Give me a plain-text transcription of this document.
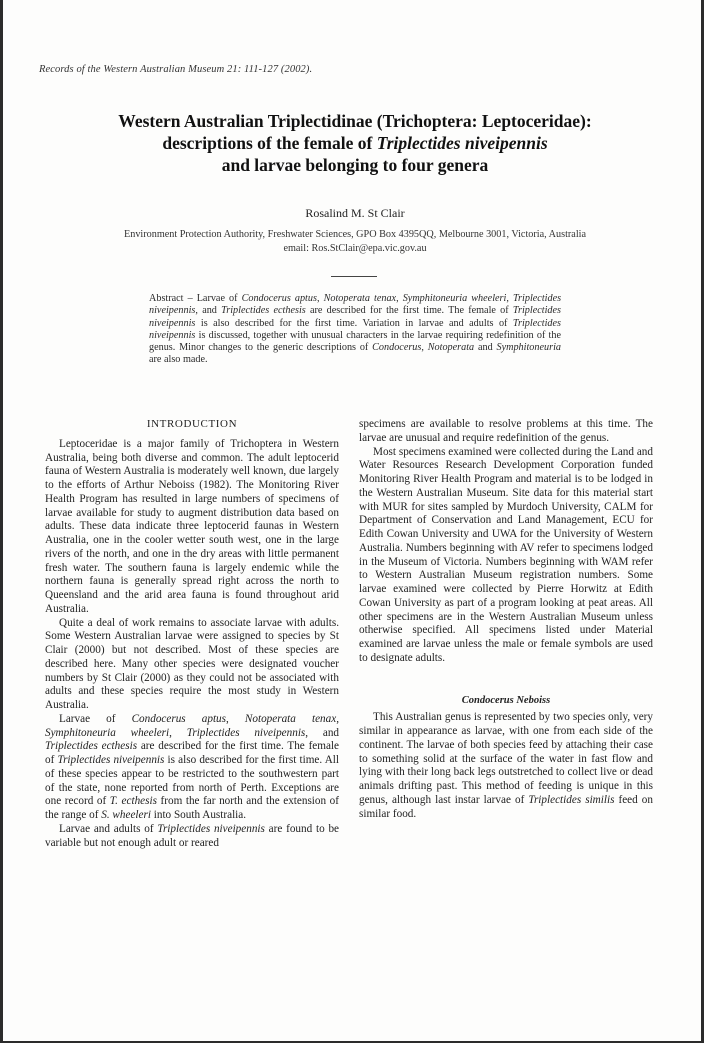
Records of the Western Australian Museum 21: 111-127 (2002).
Western Australian Triplectidinae (Trichoptera: Leptoceridae):
descriptions of the female of Triplectides niveipennis
and larvae belonging to four genera
Rosalind M. St Clair
Environment Protection Authority, Freshwater Sciences, GPO Box 4395QQ, Melbourne 3001, Victoria, Australia
email: Ros.StClair@epa.vic.gov.au
Abstract – Larvae of Condocerus aptus, Notoperata tenax, Symphitoneuria wheeleri, Triplectides niveipennis, and Triplectides ecthesis are described for the first time. The female of Triplectides niveipennis is also described for the first time. Variation in larvae and adults of Triplectides niveipennis is discussed, together with unusual characters in the larvae requiring redefinition of the genus. Minor changes to the generic descriptions of Condocerus, Notoperata and Symphitoneuria are also made.
INTRODUCTION

Leptoceridae is a major family of Trichoptera in Western Australia, being both diverse and common. The adult leptocerid fauna of Western Australia is moderately well known, due largely to the efforts of Arthur Neboiss (1982). The Monitoring River Health Program has resulted in large numbers of specimens of larvae available for study to augment distribution data based on adults. These data indicate three leptocerid faunas in Western Australia, one in the cooler wetter south west, one in the large rivers of the north, and one in the dry areas with little permanent fresh water. The southern fauna is largely endemic while the northern fauna is generally spread right across the north to Queensland and the arid area fauna is found throughout arid Australia.

Quite a deal of work remains to associate larvae with adults. Some Western Australian larvae were assigned to species by St Clair (2000) but not described. Most of these species are described here. Many other species were designated voucher numbers by St Clair (2000) as they could not be associated with adults and these species require the most study in Western Australia.

Larvae of Condocerus aptus, Notoperata tenax, Symphitoneuria wheeleri, Triplectides niveipennis, and Triplectides ecthesis are described for the first time. The female of Triplectides niveipennis is also described for the first time. All of these species appear to be restricted to the southwestern part of the state, none reported from north of Perth. Exceptions are one record of T. ecthesis from the far north and the extension of the range of S. wheeleri into South Australia.

Larvae and adults of Triplectides niveipennis are found to be variable but not enough adult or reared

specimens are available to resolve problems at this time. The larvae are unusual and require redefinition of the genus.

Most specimens examined were collected during the Land and Water Resources Research Development Corporation funded Monitoring River Health Program and material is to be lodged in the Western Australian Museum. Site data for this material start with MUR for sites sampled by Murdoch University, CALM for Department of Conservation and Land Management, ECU for Edith Cowan University and UWA for the University of Western Australia. Numbers beginning with AV refer to specimens lodged in the Museum of Victoria. Numbers beginning with WAM refer to Western Australian Museum registration numbers. Some larvae examined were collected by Pierre Horwitz at Edith Cowan University as part of a program looking at peat areas. All other specimens are in the Western Australian Museum unless otherwise specified. All specimens listed under Material examined are larvae unless the male or female symbols are used to designate adults.

Condocerus Neboiss

This Australian genus is represented by two species only, very similar in appearance as larvae, with one from each side of the continent. The larvae of both species feed by attaching their case to something solid at the surface of the water in fast flow and lying with their long back legs outstretched to collect live or dead animals drifting past. This method of feeding is unique in this genus, although last instar larvae of Triplectides similis feed on similar food.
